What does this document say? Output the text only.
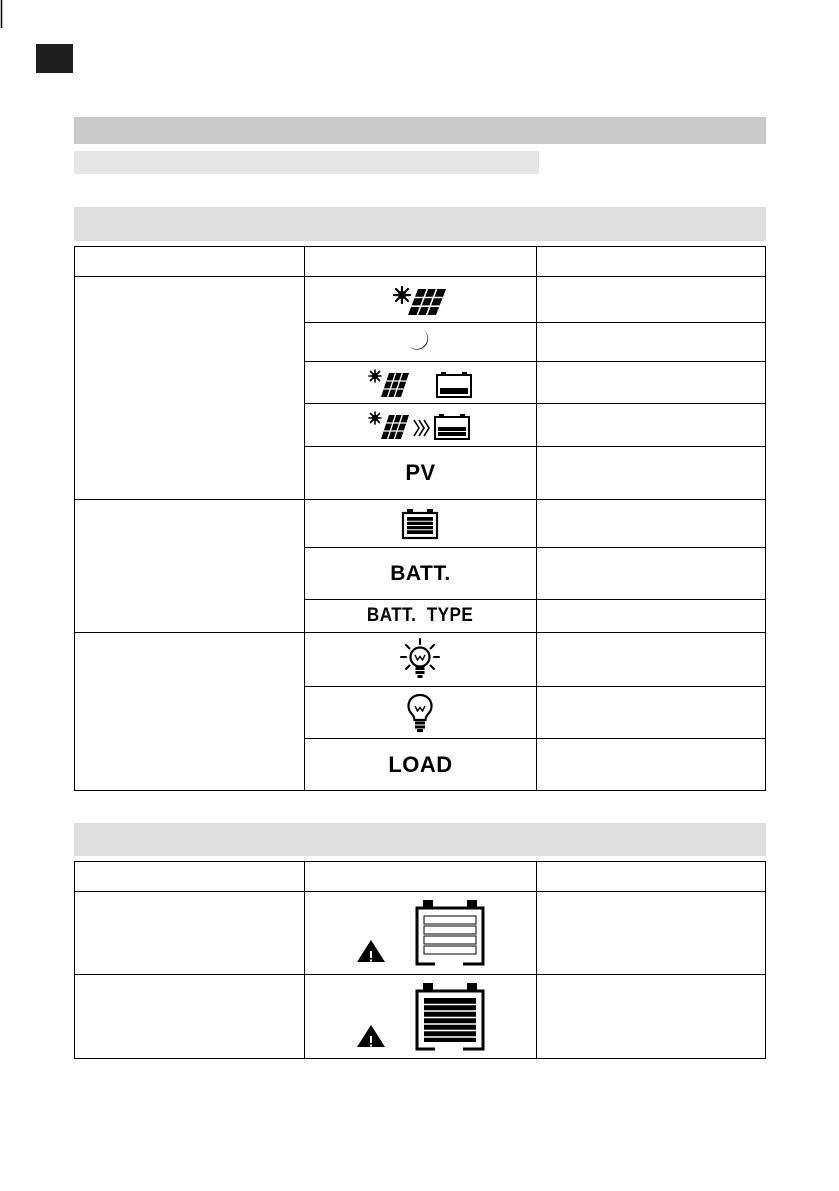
	PV	

	BATT.	
	BATT.  TYPE	

	LOAD	
